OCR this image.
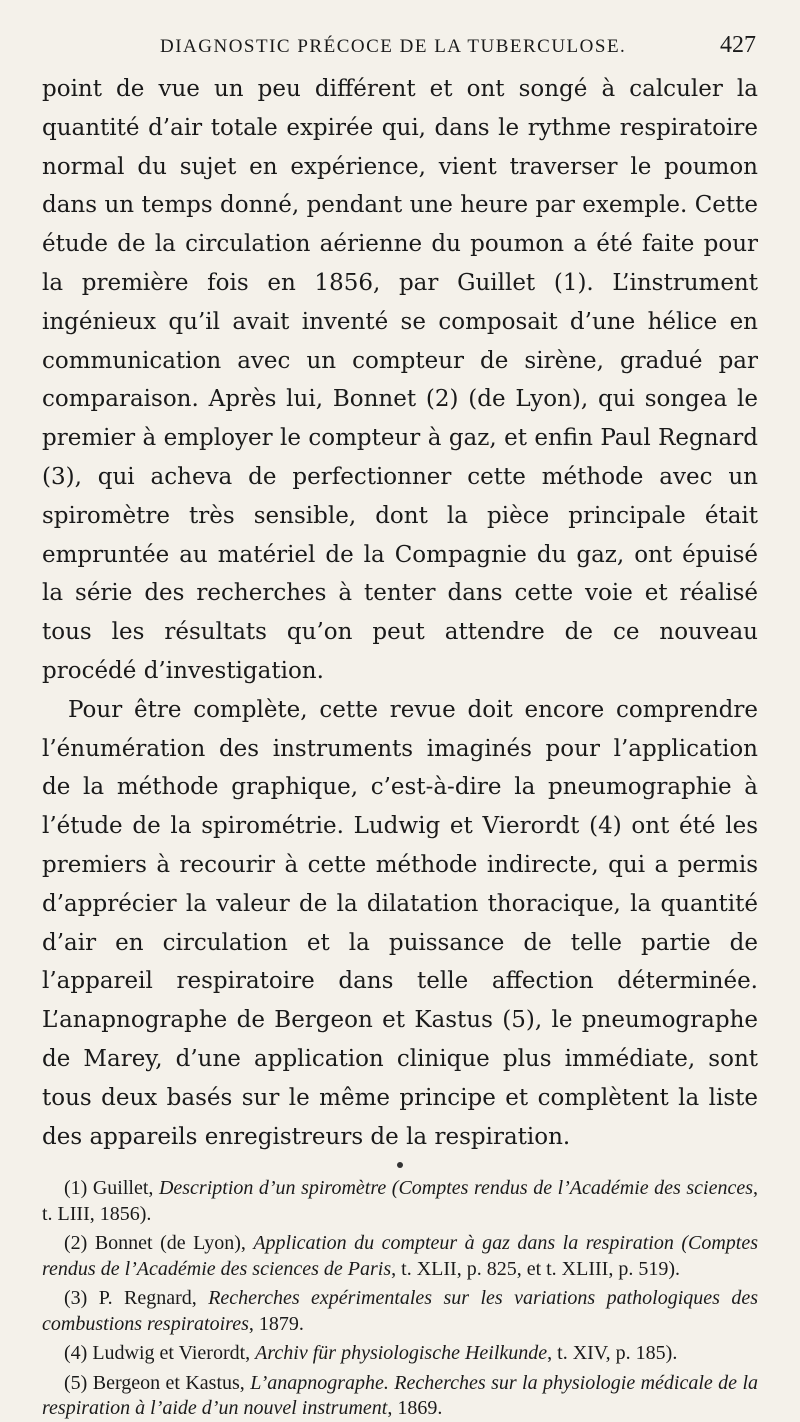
DIAGNOSTIC PRÉCOCE DE LA TUBERCULOSE.	427

point de vue un peu différent et ont songé à calculer la quantité d’air totale expirée qui, dans le rythme respiratoire normal du sujet en expérience, vient traverser le poumon dans un temps donné, pendant une heure par exemple. Cette étude de la circulation aérienne du poumon a été faite pour la première fois en 1856, par Guillet (1). L’instrument ingénieux qu’il avait inventé se composait d’une hélice en communication avec un compteur de sirène, gradué par comparaison. Après lui, Bonnet (2) (de Lyon), qui songea le premier à employer le compteur à gaz, et enfin Paul Regnard (3), qui acheva de perfectionner cette méthode avec un spiromètre très sensible, dont la pièce principale était empruntée au matériel de la Compagnie du gaz, ont épuisé la série des recherches à tenter dans cette voie et réalisé tous les résultats qu’on peut attendre de ce nouveau procédé d’investigation.

Pour être complète, cette revue doit encore comprendre l’énumération des instruments imaginés pour l’application de la méthode graphique, c’est-à-dire la pneumographie à l’étude de la spirométrie. Ludwig et Vierordt (4) ont été les premiers à recourir à cette méthode indirecte, qui a permis d’apprécier la valeur de la dilatation thoracique, la quantité d’air en circulation et la puissance de telle partie de l’appareil respiratoire dans telle affection déterminée. L’anapnographe de Bergeon et Kastus (5), le pneumographe de Marey, d’une application clinique plus immédiate, sont tous deux basés sur le même principe et complètent la liste des appareils enregistreurs de la respiration.

(1) Guillet, Description d’un spiromètre (Comptes rendus de l’Académie des sciences, t. LIII, 1856).

(2) Bonnet (de Lyon), Application du compteur à gaz dans la respiration (Comptes rendus de l’Académie des sciences de Paris, t. XLII, p. 825, et t. XLIII, p. 519).

(3) P. Regnard, Recherches expérimentales sur les variations pathologiques des combustions respiratoires, 1879.

(4) Ludwig et Vierordt, Archiv für physiologische Heilkunde, t. XIV, p. 185).

(5) Bergeon et Kastus, L’anapnographe. Recherches sur la physiologie médicale de la respiration à l’aide d’un nouvel instrument, 1869.
